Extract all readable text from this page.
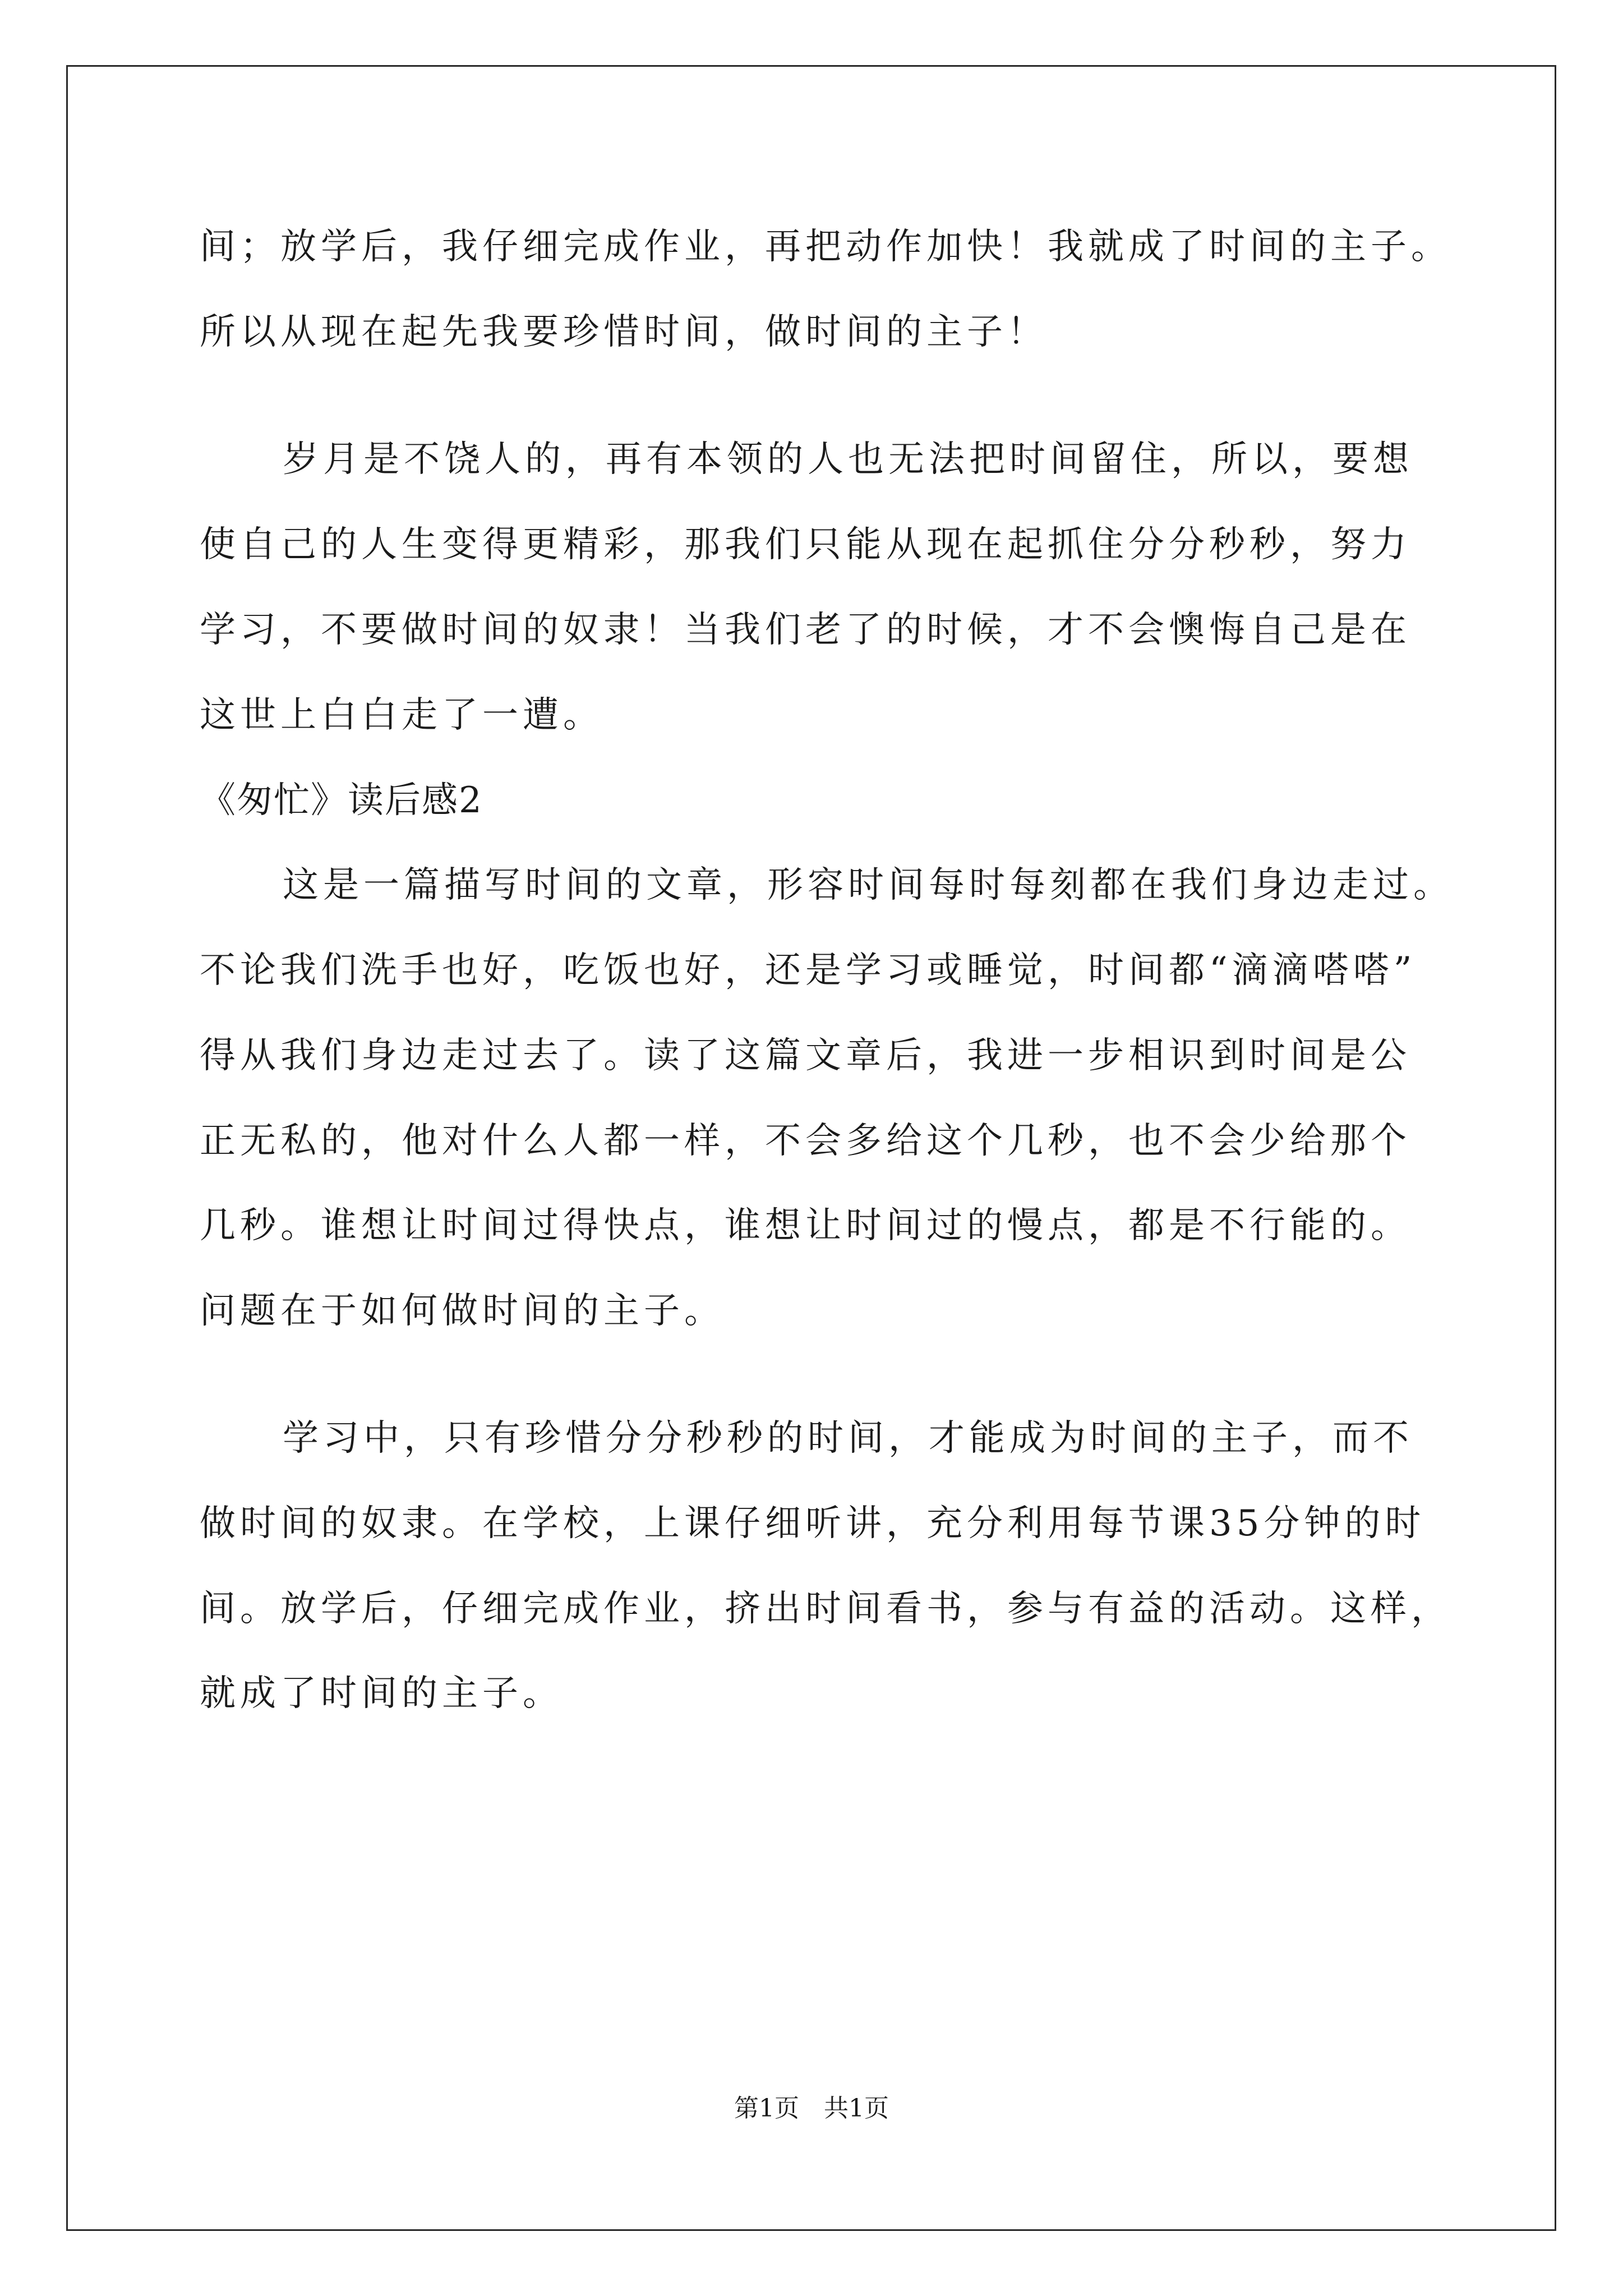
间；放学后，我仔细完成作业，再把动作加快！我就成了时间的主子。
所以从现在起先我要珍惜时间，做时间的主子！
岁月是不饶人的，再有本领的人也无法把时间留住，所以，要想
使自己的人生变得更精彩，那我们只能从现在起抓住分分秒秒，努力
学习，不要做时间的奴隶！当我们老了的时候，才不会懊悔自己是在
这世上白白走了一遭。
《匆忙》读后感2
这是一篇描写时间的文章，形容时间每时每刻都在我们身边走过。
不论我们洗手也好，吃饭也好，还是学习或睡觉，时间都“滴滴嗒嗒”
得从我们身边走过去了。读了这篇文章后，我进一步相识到时间是公
正无私的，他对什么人都一样，不会多给这个几秒，也不会少给那个
几秒。谁想让时间过得快点，谁想让时间过的慢点，都是不行能的。
问题在于如何做时间的主子。
学习中，只有珍惜分分秒秒的时间，才能成为时间的主子，而不
做时间的奴隶。在学校，上课仔细听讲，充分利用每节课35分钟的时
间。放学后，仔细完成作业，挤出时间看书，参与有益的活动。这样，
就成了时间的主子。
第1页　共1页
